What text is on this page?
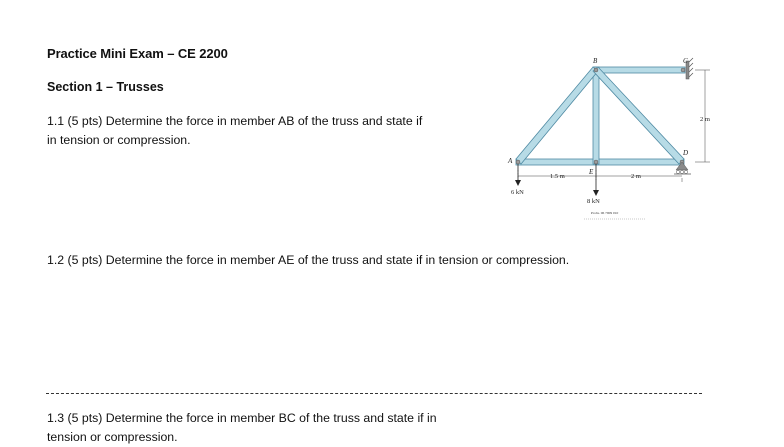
Practice Mini Exam – CE 2200
Section 1 – Trusses
1.1 (5 pts) Determine the force in member AB of the truss and state if in tension or compression.
1.2 (5 pts) Determine the force in member AE of the truss and state if in tension or compression.
1.3 (5 pts) Determine the force in member BC of the truss and state if in tension or compression.
A
B	C
D
E
1.5 m	2 m
2 m
6 kN
8 kN
Probs. 06 7909 010
